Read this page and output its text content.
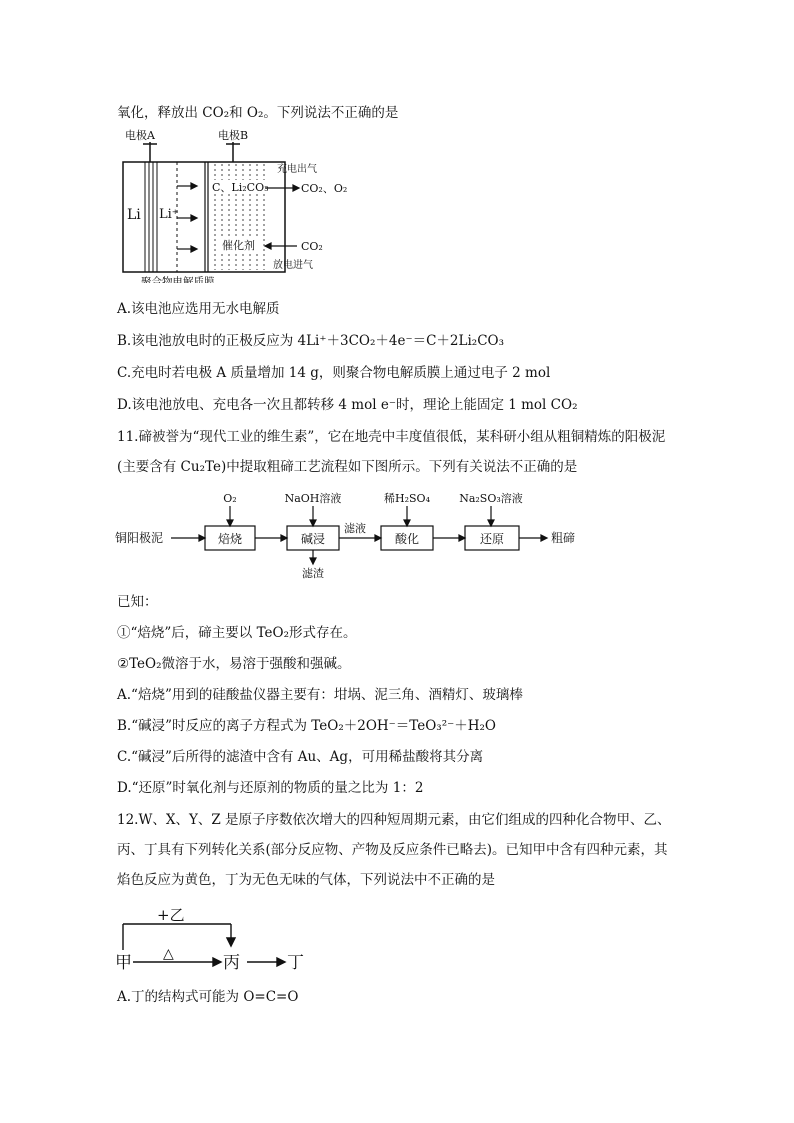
氧化，释放出 CO₂和 O₂。下列说法不正确的是
电极A	电极B
Li Li⁺
C、Li₂CO₃
催化剂
充电出气
CO₂、O₂
CO₂
放电进气
聚合物电解质膜
A.该电池应选用无水电解质
B.该电池放电时的正极反应为 4Li⁺＋3CO₂＋4e⁻＝C＋2Li₂CO₃
C.充电时若电极 A 质量增加 14 g，则聚合物电解质膜上通过电子 2 mol
D.该电池放电、充电各一次且都转移 4 mol e⁻时，理论上能固定 1 mol CO₂
11.碲被誉为“现代工业的维生素”，它在地壳中丰度值很低，某科研小组从粗铜精炼的阳极泥
(主要含有 Cu₂Te)中提取粗碲工艺流程如下图所示。下列有关说法不正确的是
铜阳极泥	焙烧	碱浸	酸化	还原
O₂	NaOH溶液	稀H₂SO₄	Na₂SO₃溶液
滤液
滤渣
粗碲
已知：
①“焙烧”后，碲主要以 TeO₂形式存在。
②TeO₂微溶于水，易溶于强酸和强碱。
A.“焙烧”用到的硅酸盐仪器主要有：坩埚、泥三角、酒精灯、玻璃棒
B.“碱浸”时反应的离子方程式为 TeO₂＋2OH⁻＝TeO₃²⁻＋H₂O
C.“碱浸”后所得的滤渣中含有 Au、Ag，可用稀盐酸将其分离
D.“还原”时氧化剂与还原剂的物质的量之比为 1：2
12.W、X、Y、Z 是原子序数依次增大的四种短周期元素，由它们组成的四种化合物甲、乙、
丙、丁具有下列转化关系(部分反应物、产物及反应条件已略去)。已知甲中含有四种元素，其
焰色反应为黄色，丁为无色无味的气体，下列说法中不正确的是
+乙
甲 △	丙	丁
A.丁的结构式可能为 O=C=O
